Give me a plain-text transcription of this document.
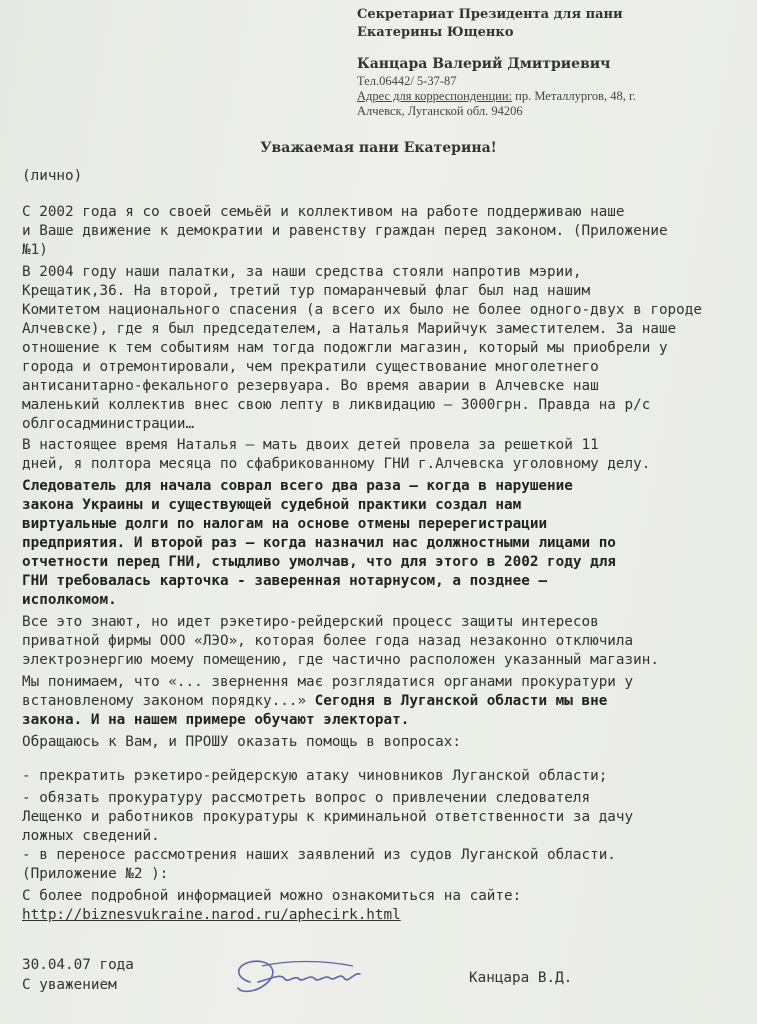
Секретариат Президента для пани
Екатерины Ющенко
Канцара Валерий Дмитриевич
Тел.06442/ 5-37-87
Адрес для корреспонденции: пр. Металлургов, 48, г.
Алчевск, Луганской обл. 94206
Уважаемая пани Екатерина!
(лично)
С 2002 года я со своей семьёй и коллективом на работе поддерживаю наше
и Ваше движение к демократии и равенству граждан перед законом. (Приложение
№1)
В 2004 году наши палатки, за наши средства стояли напротив мэрии,
Крещатик,36. На второй, третий тур помаранчевый флаг был над нашим
Комитетом национального спасения (а всего их было не более одного-двух в городе
Алчевске), где я был председателем, а Наталья Марийчук заместителем. За наше
отношение к тем событиям нам тогда подожгли магазин, который мы приобрели у
города и отремонтировали, чем прекратили существование многолетнего
антисанитарно-фекального резервуара. Во время аварии в Алчевске наш
маленький коллектив внес свою лепту в ликвидацию – 3000грн. Правда на р/с
облгосадминистрации…
В настоящее время Наталья – мать двоих детей провела за решеткой 11
дней, я полтора месяца по сфабрикованному ГНИ г.Алчевска уголовному делу.
Следователь для начала соврал всего два раза – когда в нарушение
закона Украины и существующей судебной практики создал нам
виртуальные долги по налогам на основе отмены перерегистрации
предприятия. И второй раз – когда назначил нас должностными лицами по
отчетности перед ГНИ, стыдливо умолчав, что для этого в 2002 году для
ГНИ требовалась карточка - заверенная нотарнусом, а позднее –
исполкомом.
Все это знают, но идет рэкетиро-рейдерский процесс защиты интересов
приватной фирмы ООО «ЛЭО», которая более года назад незаконно отключила
электроэнергию моему помещению, где частично расположен указанный магазин.
Мы понимаем, что «... звернення має розглядатися органами прокуратури у
встановленому законом порядку...» Сегодня в Луганской области мы вне
закона. И на нашем примере обучают электорат.
Обращаюсь к Вам, и ПРОШУ оказать помощь в вопросах:
- прекратить рэкетиро-рейдерскую атаку чиновников Луганской области;
- обязать прокуратуру рассмотреть вопрос о привлечении следователя
Лещенко и работников прокуратуры к криминальной ответственности за дачу
ложных сведений.
- в переносе рассмотрения наших заявлений из судов Луганской области.
(Приложение №2 ):
С более подробной информацией можно ознакомиться на сайте:
http://biznesvukraine.narod.ru/aphecirk.html
30.04.07 года
С уважением	Канцара В.Д.
